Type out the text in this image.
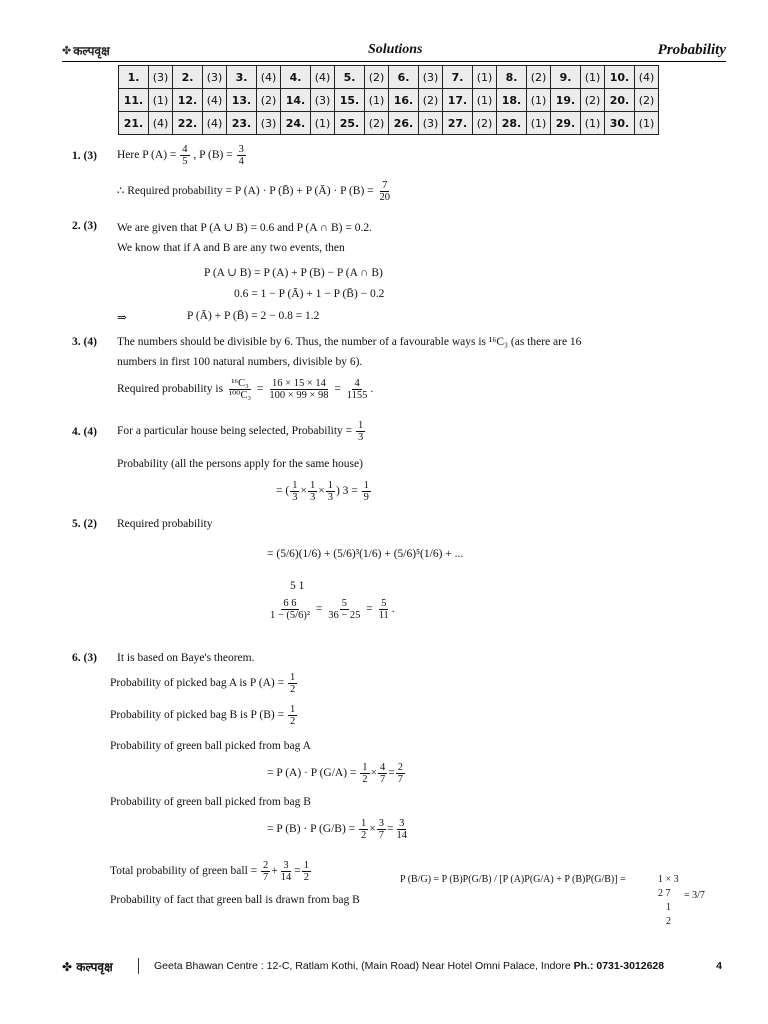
✤ कल्पवृक्ष	Solutions	Probability
1.	(3)	2.	(3)	3.	(4)	4.	(4)	5.	(2)	6.	(3)	7.	(1)	8.	(2)	9.	(1)	10.	(4)
11.	(1)	12.	(4)	13.	(2)	14.	(3)	15.	(1)	16.	(2)	17.	(1)	18.	(1)	19.	(2)	20.	(2)
21.	(4)	22.	(4)	23.	(3)	24.	(1)	25.	(2)	26.	(3)	27.	(2)	28.	(1)	29.	(1)	30.	(1)
1. (3) Here P $(A) = \frac{4}{5}$ , P $(B) = \frac{3}{4}$
∴ Required probability = P (A) · P (B̄) + P (Ā) · P $(B) = \frac{7}{20}$
2. (3) We are given that P (A ∪ B) = 0.6 and P (A ∩ B) = 0.2.
We know that if A and B are any two events, then
P (A ∪ B) = P (A) + P (B) − P (A ∩ B)
0.6 = 1 − P (Ā) + 1 − P (B̄) − 0.2
⇒	P (Ā) + P (B̄) = 2 − 0.8 = 1.2
3. (4) The numbers should be divisible by 6. Thus, the number of a favourable ways is ¹⁶C₃ (as there are 16
numbers in first 100 natural numbers, divisible by 6).
Required probability is $\frac{\text{¹⁶C₃}}{\text{¹⁰⁰C₃}} = \frac{16 \times 15 \times 14}{100 \times 99 \times 98} = \frac{4}{1155}$ .
4. (4) For a particular house being selected, Probability = $\frac{1}{3}$
Probability (all the persons apply for the same house)
= ( $\frac{1}{3} \times \frac{1}{3} \times \frac{1}{3}$ ) $3 = \frac{1}{9}$
5. (2) Required probability
= (5/6)(1/6) + (5/6)³(1/6) + (5/6)⁵(1/6) + ...
5 1
$\frac{6 6}{\text{1 − (5/6)²}} = \frac{5}{36 - 25} = \frac{5}{11}$ .
6. (3) It is based on Baye's theorem.
Probability of picked bag A is P $(A) = \frac{1}{2}$
Probability of picked bag B is P $(B) = \frac{1}{2}$
Probability of green ball picked from bag A
= P (A) · P $(G/A) = \frac{1}{2} \times \frac{4}{7} = \frac{2}{7}$
Probability of green ball picked from bag B
= P (B) · P $(G/B) = \frac{1}{2} \times \frac{3}{7} = \frac{3}{14}$
Total probability of green ball = $\frac{2}{7} + \frac{3}{14} = \frac{1}{2}$
Probability of fact that green ball is drawn from bag B
P (B/G) = P (B)P(G/B) / [P (A)P(G/A) + P (B)P(G/B)] =	1 × 3
2 7
1
2
= 3/7
✤ कल्पवृक्ष	Geeta Bhawan Centre : 12-C, Ratlam Kothi, (Main Road) Near Hotel Omni Palace, Indore Ph.: 0731-3012628	4
